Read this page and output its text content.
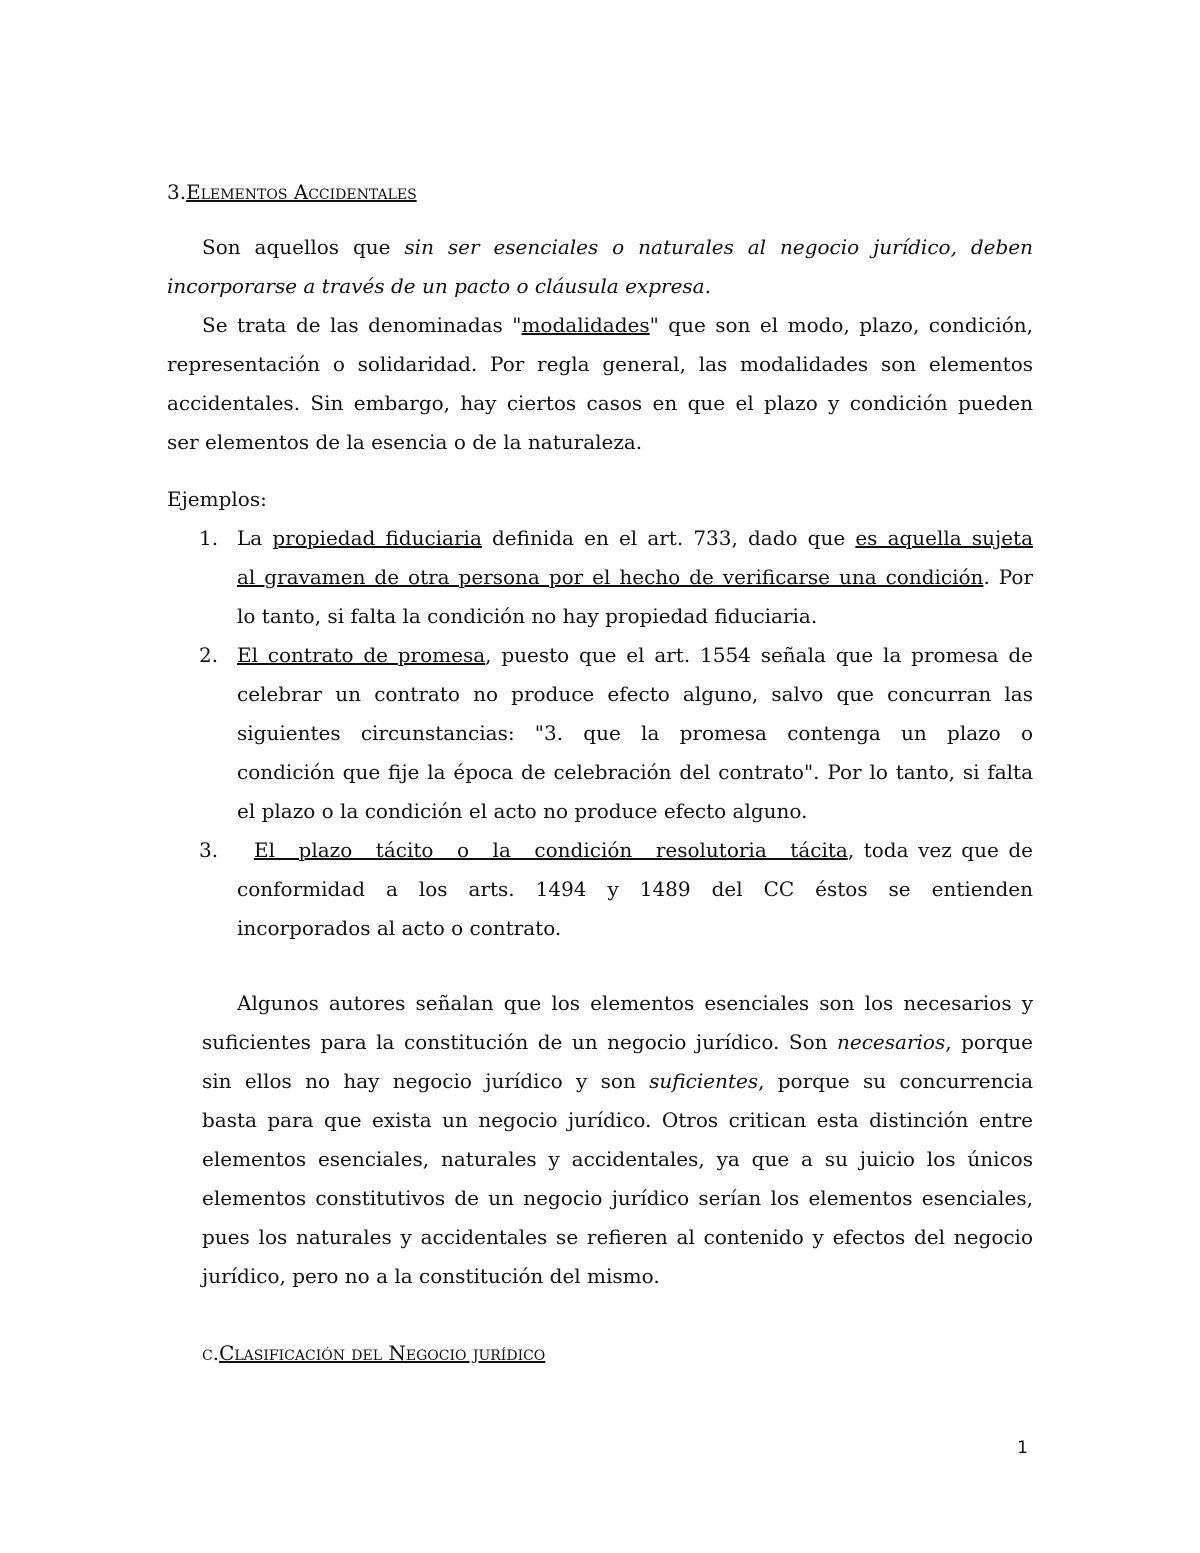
3.Elementos Accidentales
Son aquellos que sin ser esenciales o naturales al negocio jurídico, deben
incorporarse a través de un pacto o cláusula expresa.
Se trata de las denominadas "modalidades" que son el modo, plazo, condición,
representación o solidaridad. Por regla general, las modalidades son elementos
accidentales. Sin embargo, hay ciertos casos en que el plazo y condición pueden
ser elementos de la esencia o de la naturaleza.
Ejemplos:
1. La propiedad fiduciaria definida en el art. 733, dado que es aquella sujeta
al gravamen de otra persona por el hecho de verificarse una condición. Por
lo tanto, si falta la condición no hay propiedad fiduciaria.
2. El contrato de promesa, puesto que el art. 1554 señala que la promesa de
celebrar un contrato no produce efecto alguno, salvo que concurran las
siguientes circunstancias: "3. que la promesa contenga un plazo o
condición que fije la época de celebración del contrato". Por lo tanto, si falta
el plazo o la condición el acto no produce efecto alguno.
3.	El plazo tácito o la condición resolutoria tácita, toda vez que de
conformidad a los arts. 1494 y 1489 del CC éstos se entienden
incorporados al acto o contrato.
Algunos autores señalan que los elementos esenciales son los necesarios y
suficientes para la constitución de un negocio jurídico. Son necesarios, porque
sin ellos no hay negocio jurídico y son suficientes, porque su concurrencia
basta para que exista un negocio jurídico. Otros critican esta distinción entre
elementos esenciales, naturales y accidentales, ya que a su juicio los únicos
elementos constitutivos de un negocio jurídico serían los elementos esenciales,
pues los naturales y accidentales se refieren al contenido y efectos del negocio
jurídico, pero no a la constitución del mismo.
c.Clasificación del Negocio jurídico
1
